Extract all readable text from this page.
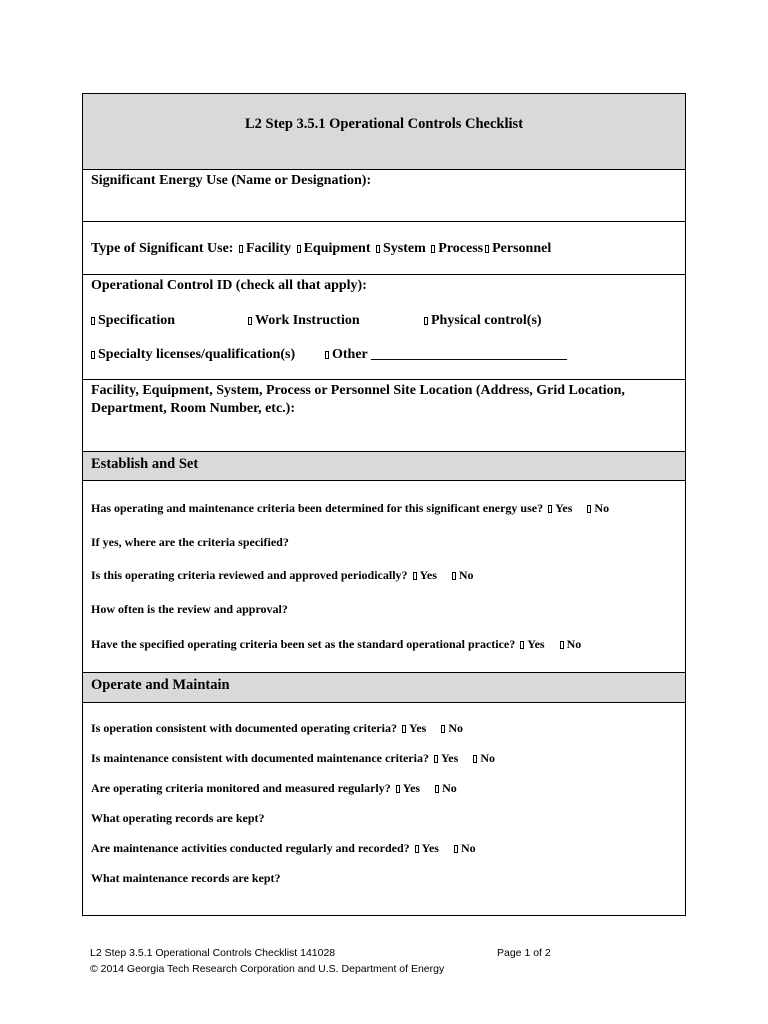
L2 Step 3.5.1 Operational Controls Checklist
Significant Energy Use (Name or Designation):
Type of Significant Use: Facility Equipment System Process Personnel
Operational Control ID (check all that apply):
Specification	Work Instruction	Physical control(s)
Specialty licenses/qualification(s)	Other ____________________________
Facility, Equipment, System, Process or Personnel Site Location (Address, Grid Location,
Department, Room Number, etc.):
Establish and Set
Has operating and maintenance criteria been determined for this significant energy use? Yes No
If yes, where are the criteria specified?
Is this operating criteria reviewed and approved periodically? Yes No
How often is the review and approval?
Have the specified operating criteria been set as the standard operational practice? Yes No
Operate and Maintain
Is operation consistent with documented operating criteria? Yes No
Is maintenance consistent with documented maintenance criteria? Yes No
Are operating criteria monitored and measured regularly? Yes No
What operating records are kept?
Are maintenance activities conducted regularly and recorded? Yes No
What maintenance records are kept?
L2 Step 3.5.1 Operational Controls Checklist 141028	Page 1 of 2
© 2014 Georgia Tech Research Corporation and U.S. Department of Energy
